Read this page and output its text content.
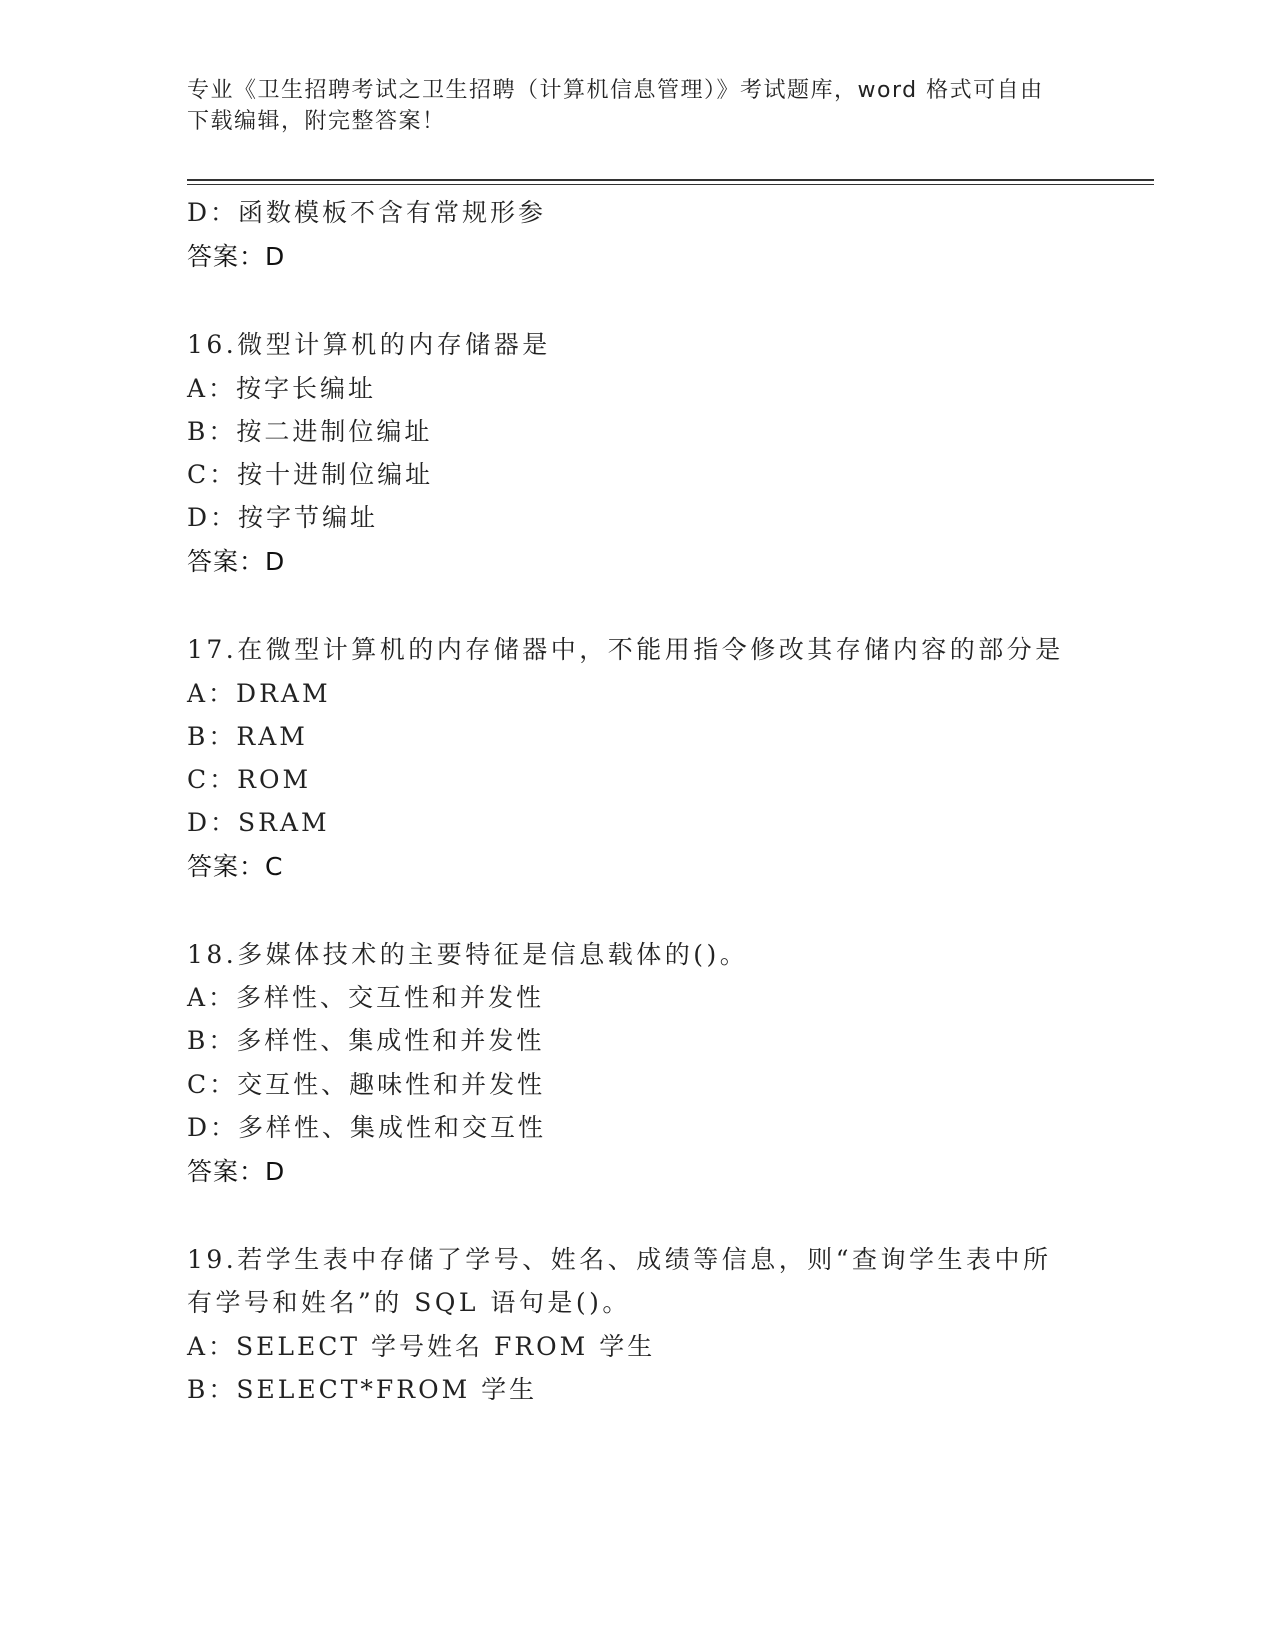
专业《卫生招聘考试之卫生招聘（计算机信息管理）》考试题库，word 格式可自由下载编辑，附完整答案！
D：函数模板不含有常规形参
答案：D
16.微型计算机的内存储器是
A：按字长编址
B：按二进制位编址
C：按十进制位编址
D：按字节编址
答案：D
17.在微型计算机的内存储器中，不能用指令修改其存储内容的部分是
A：DRAM
B：RAM
C：ROM
D：SRAM
答案：C
18.多媒体技术的主要特征是信息载体的()。
A：多样性、交互性和并发性
B：多样性、集成性和并发性
C：交互性、趣味性和并发性
D：多样性、集成性和交互性
答案：D
19.若学生表中存储了学号、姓名、成绩等信息，则“查询学生表中所
有学号和姓名”的 SQL 语句是()。
A：SELECT 学号姓名 FROM 学生
B：SELECT*FROM 学生
